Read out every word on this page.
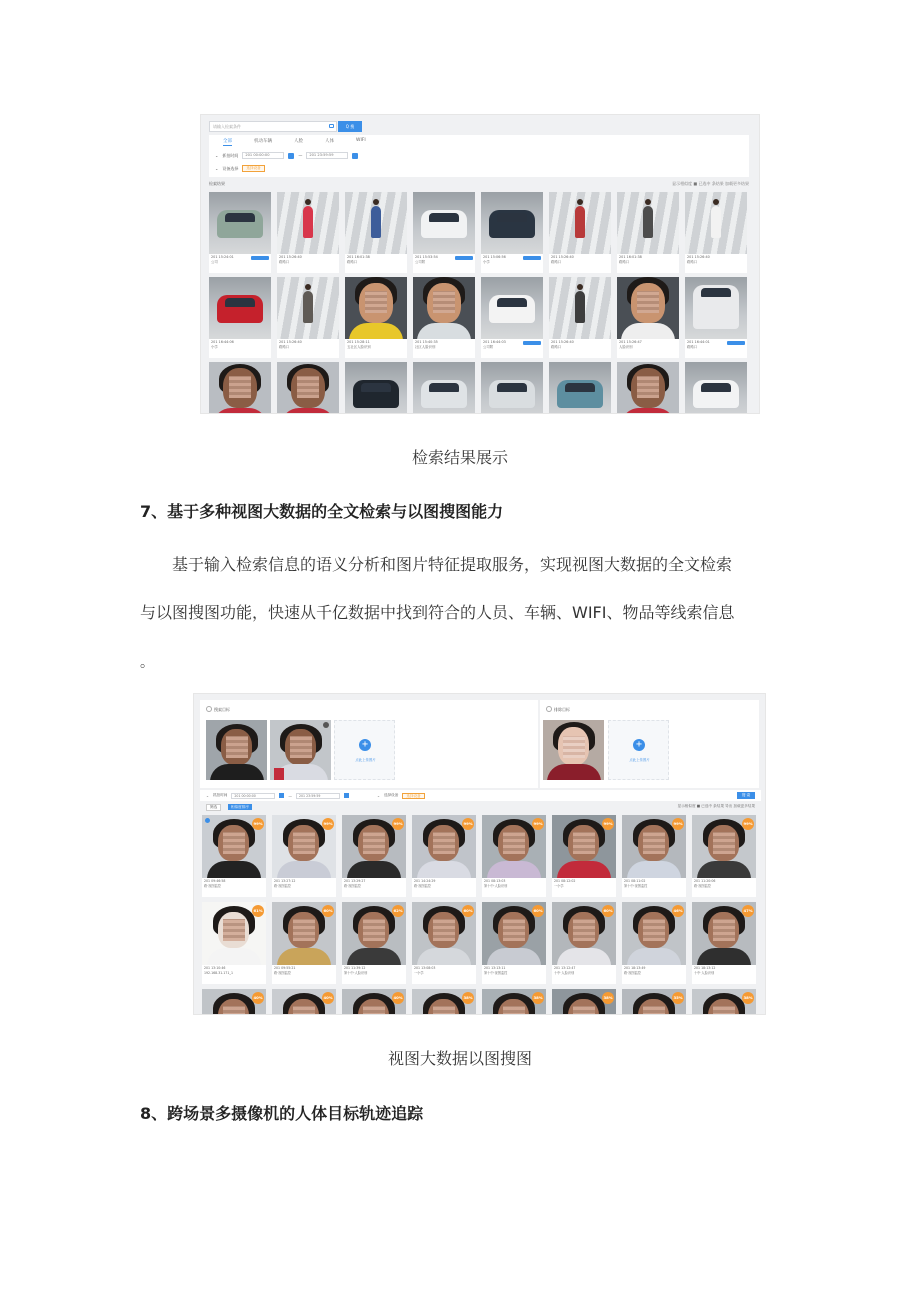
请输入检索条件	Q 搜
全部	机动车辆	人脸	人体	WIFI
⌄ 抓拍时间	201 00:00:00	—	201 23:59:59
⌄ 设备选择	选择设备
检索结果	显示相似度 ■ 已选中 条结果 加载更多结果
201 15:24:01
公司
201 15:26:40
路路口
201 16:01:38
路路口
201 15:53:54
公司附
201 15:06:56
小学
201 15:26:40
路路口
201 16:01:38
路路口
201 15:26:40
路路口
201 16:44:06
小学
201 15:26:40
路路口
201 15:28:11
五社区人脸识别
201 15:40:35
社区人脸识别
201 16:44:03
公司附
201 15:26:40
路路口
201 15:26:47
人脸识别
201 16:44:01
路路口
检索结果展示
7、基于多种视图大数据的全文检索与以图搜图能力
基于输入检索信息的语义分析和图片特征提取服务，实现视图大数据的全文检索
与以图搜图功能，快速从千亿数据中找到符合的人员、车辆、WIFI、物品等线索信息
。
搜索目标
+
点此上传图片
排除目标
+
点此上传图片
⌄ 抓拍时间	201 00:00:00	—	201 23:59:59	⌄ 选择设备	选择设备	搜 索
筛选	相似度排序	显示相似度 ■ 已选中 条结果 导出 加载更多结果
99%
201 09:46:58
路·视图监控
99%
201 13:27:12
路·视图监控
99%
201 13:29:27
路·视图监控
99%
201 14:24:29
路·视图监控
99%
201 08:13:03
第十中·人脸识别
99%
201 08:12:02
一小学
99%
201 08:11:02
第十中·视图监控
99%
201 11:20:06
路·视图监控
61%
201 13:10:46
192.168.31.171_1
60%
201 09:55:21
路·视图监控
62%
201 11:39:12
第十中·人脸识别
60%
201 13:08:03
一小学
60%
201 13:13:11
第十中·视图监控
60%
201 13:12:47
十中·人脸识别
46%
201 18:13:49
路·视图监控
47%
201 18:13:12
十中·人脸识别
40%	40%	40%	38%	38%	38%	35%	38%
视图大数据以图搜图
8、跨场景多摄像机的人体目标轨迹追踪
